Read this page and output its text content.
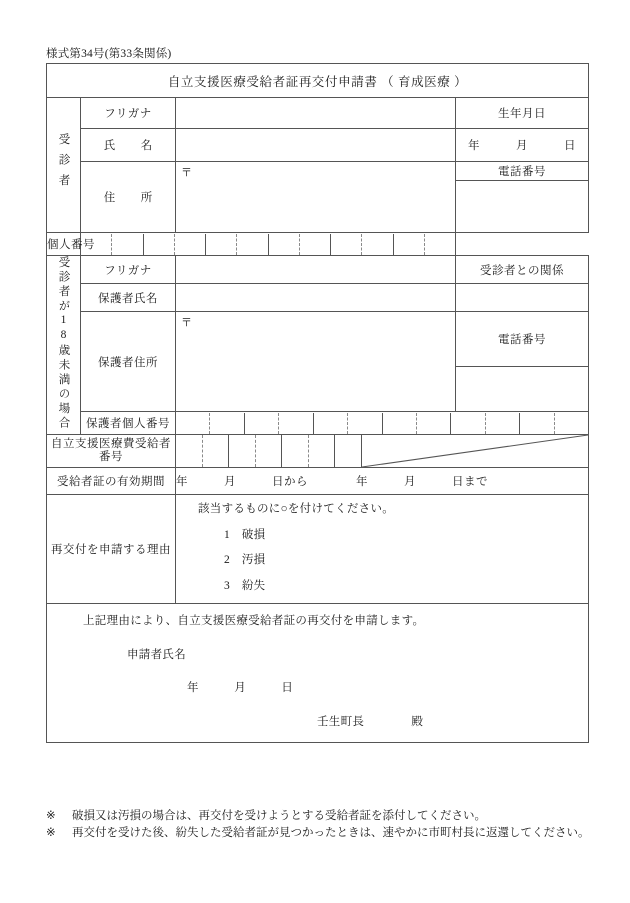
様式第34号(第33条関係)
自立支援医療受給者証再交付申請書 （ 育成医療 ）			
受診者	フリガナ		生年月日
	氏　名		年　　　月　　　日
	住　所	〒	電話番号

個人番号			

受診者が18歳未満の場合	フリガナ		受診者との関係
	保護者氏名		
	保護者住所	〒	電話番号

	保護者個人番号		

自立支援医療費受給者
番号

受給者証の有効期間		年　　　月　　　日から　　　　年　　　月　　　日まで	
再交付を申請する理由		該当するものに○を付けてください。
1　破損
2　汚損
3　紛失	

上記理由により、自立支援医療受給者証の再交付を申請します。
申請者氏名
年　　　月　　　日
壬生町長　　　　殿			
※	破損又は汚損の場合は、再交付を受けようとする受給者証を添付してください。
※	再交付を受けた後、紛失した受給者証が見つかったときは、速やかに市町村長に返還してください。
